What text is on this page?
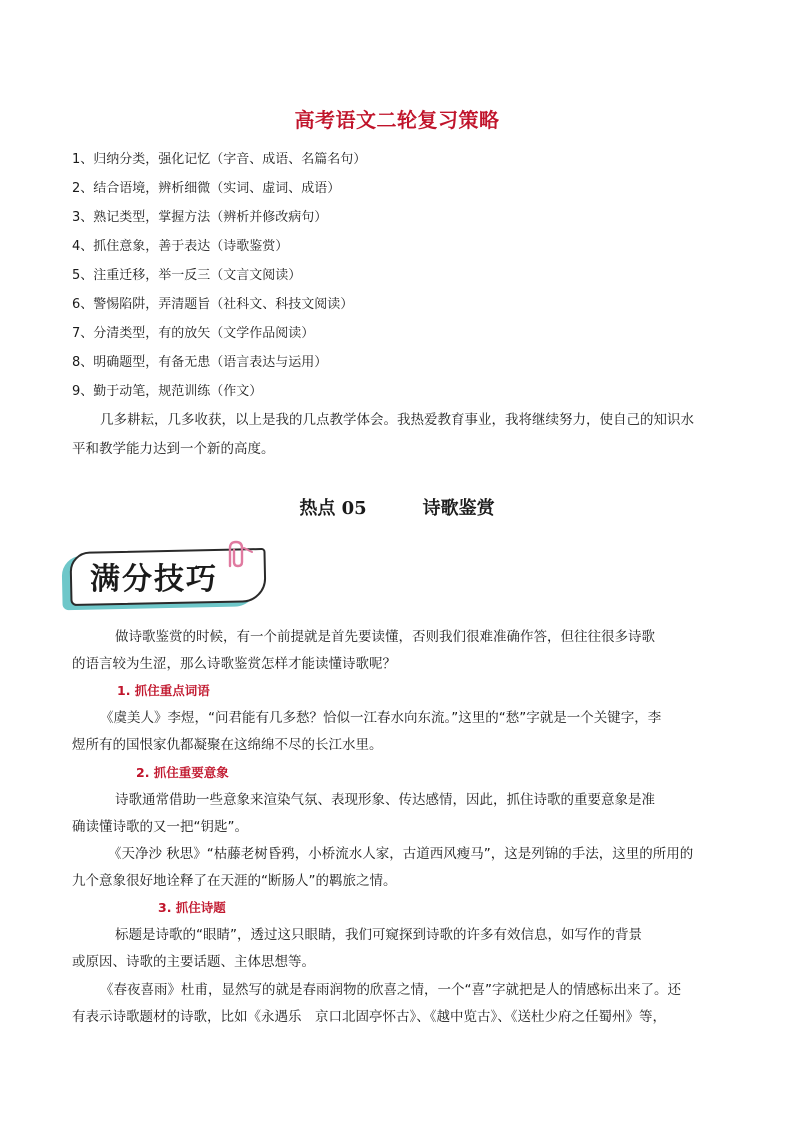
高考语文二轮复习策略
1、归纳分类，强化记忆（字音、成语、名篇名句）
2、结合语境，辨析细微（实词、虚词、成语）
3、熟记类型，掌握方法（辨析并修改病句）
4、抓住意象，善于表达（诗歌鉴赏）
5、注重迁移，举一反三（文言文阅读）
6、警惕陷阱，弄清题旨（社科文、科技文阅读）
7、分清类型，有的放矢（文学作品阅读）
8、明确题型，有备无患（语言表达与运用）
9、勤于动笔，规范训练（作文）
几多耕耘，几多收获，以上是我的几点教学体会。我热爱教育事业，我将继续努力，使自己的知识水
平和教学能力达到一个新的高度。
热点 05	诗歌鉴赏
满分技巧
做诗歌鉴赏的时候，有一个前提就是首先要读懂，否则我们很难准确作答，但往往很多诗歌
的语言较为生涩，那么诗歌鉴赏怎样才能读懂诗歌呢？
1. 抓住重点词语
《虞美人》李煜，“问君能有几多愁？恰似一江春水向东流。”这里的“愁”字就是一个关键字，李
煜所有的国恨家仇都凝聚在这绵绵不尽的长江水里。
2. 抓住重要意象
诗歌通常借助一些意象来渲染气氛、表现形象、传达感情，因此，抓住诗歌的重要意象是准
确读懂诗歌的又一把“钥匙”。
《天净沙 秋思》“枯藤老树昏鸦，小桥流水人家，古道西风瘦马”，这是列锦的手法，这里的所用的
九个意象很好地诠释了在天涯的“断肠人”的羁旅之情。
3. 抓住诗题
标题是诗歌的“眼睛”，透过这只眼睛，我们可窥探到诗歌的许多有效信息，如写作的背景
或原因、诗歌的主要话题、主体思想等。
《春夜喜雨》杜甫，显然写的就是春雨润物的欣喜之情，一个“喜”字就把是人的情感标出来了。还
有表示诗歌题材的诗歌，比如《永遇乐　京口北固亭怀古》、《越中览古》、《送杜少府之任蜀州》等，
